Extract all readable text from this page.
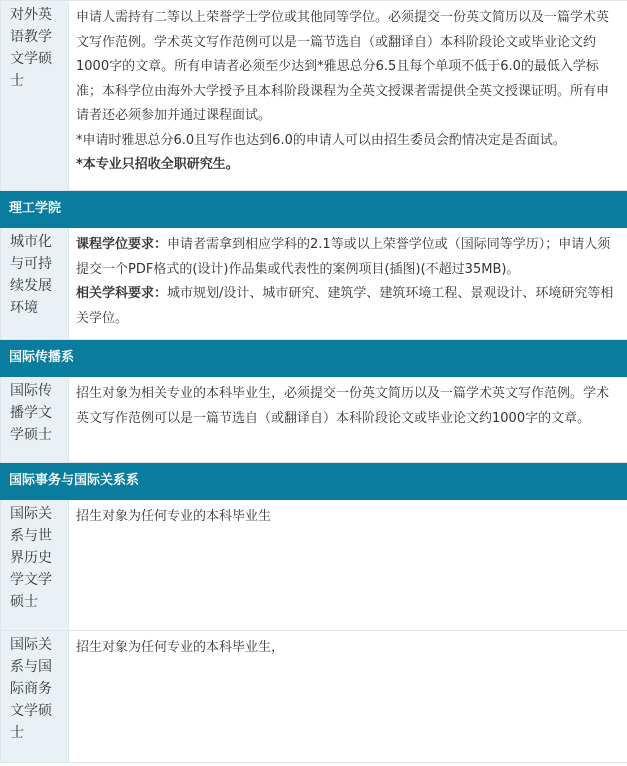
对外英语教学文学硕士	申请人需持有二等以上荣誉学士学位或其他同等学位。必须提交一份英文简历以及一篇学术英文写作范例。学术英文写作范例可以是一篇节选自（或翻译自）本科阶段论文或毕业论文约1000字的文章。所有申请者必须至少达到*雅思总分6.5且每个单项不低于6.0的最低入学标准；本科学位由海外大学授予且本科阶段课程为全英文授课者需提供全英文授课证明。所有申请者还必须参加并通过课程面试。

*申请时雅思总分6.0且写作也达到6.0的申请人可以由招生委员会酌情决定是否面试。

*本专业只招收全职研究生。

理工学院	
城市化与可持续发展环境	课程学位要求：申请者需拿到相应学科的2.1等或以上荣誉学位或（国际同等学历）；申请人须提交一个PDF格式的(设计)作品集或代表性的案例项目(插图)(不超过35MB)。

相关学科要求：城市规划/设计、城市研究、建筑学、建筑环境工程、景观设计、环境研究等相关学位。

国际传播系	
国际传播学文学硕士	招生对象为相关专业的本科毕业生，必须提交一份英文简历以及一篇学术英文写作范例。学术英文写作范例可以是一篇节选自（或翻译自）本科阶段论文或毕业论文约1000字的文章。
国际事务与国际关系系	
国际关系与世界历史学文学硕士	招生对象为任何专业的本科毕业生
国际关系与国际商务文学硕士	招生对象为任何专业的本科毕业生，
